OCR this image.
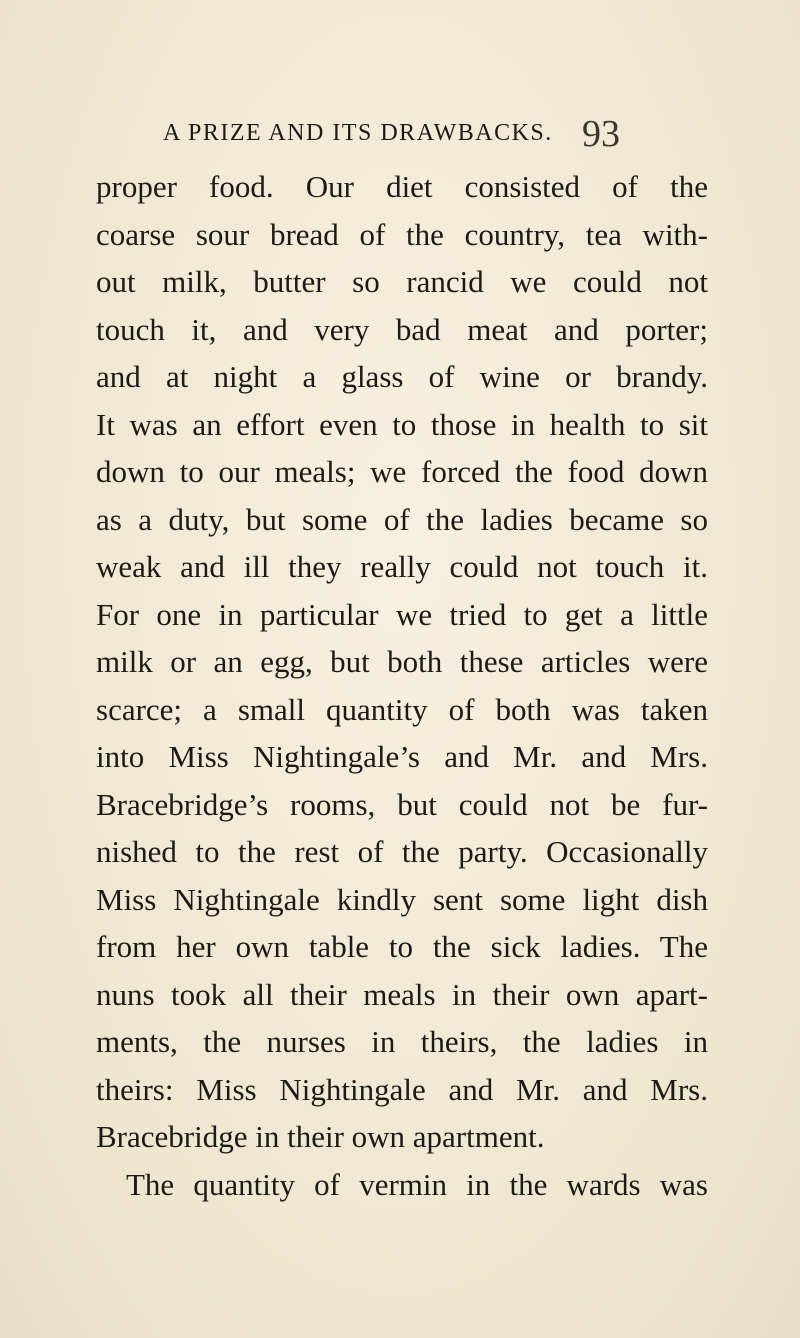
A PRIZE AND ITS DRAWBACKS. 93
proper food. Our diet consisted of the
coarse sour bread of the country, tea with-
out milk, butter so rancid we could not
touch it, and very bad meat and porter;
and at night a glass of wine or brandy.
It was an effort even to those in health to sit
down to our meals; we forced the food down
as a duty, but some of the ladies became so
weak and ill they really could not touch it.
For one in particular we tried to get a little
milk or an egg, but both these articles were
scarce; a small quantity of both was taken
into Miss Nightingale’s and Mr. and Mrs.
Bracebridge’s rooms, but could not be fur-
nished to the rest of the party. Occasionally
Miss Nightingale kindly sent some light dish
from her own table to the sick ladies. The
nuns took all their meals in their own apart-
ments, the nurses in theirs, the ladies in
theirs: Miss Nightingale and Mr. and Mrs.
Bracebridge in their own apartment.
The quantity of vermin in the wards was
